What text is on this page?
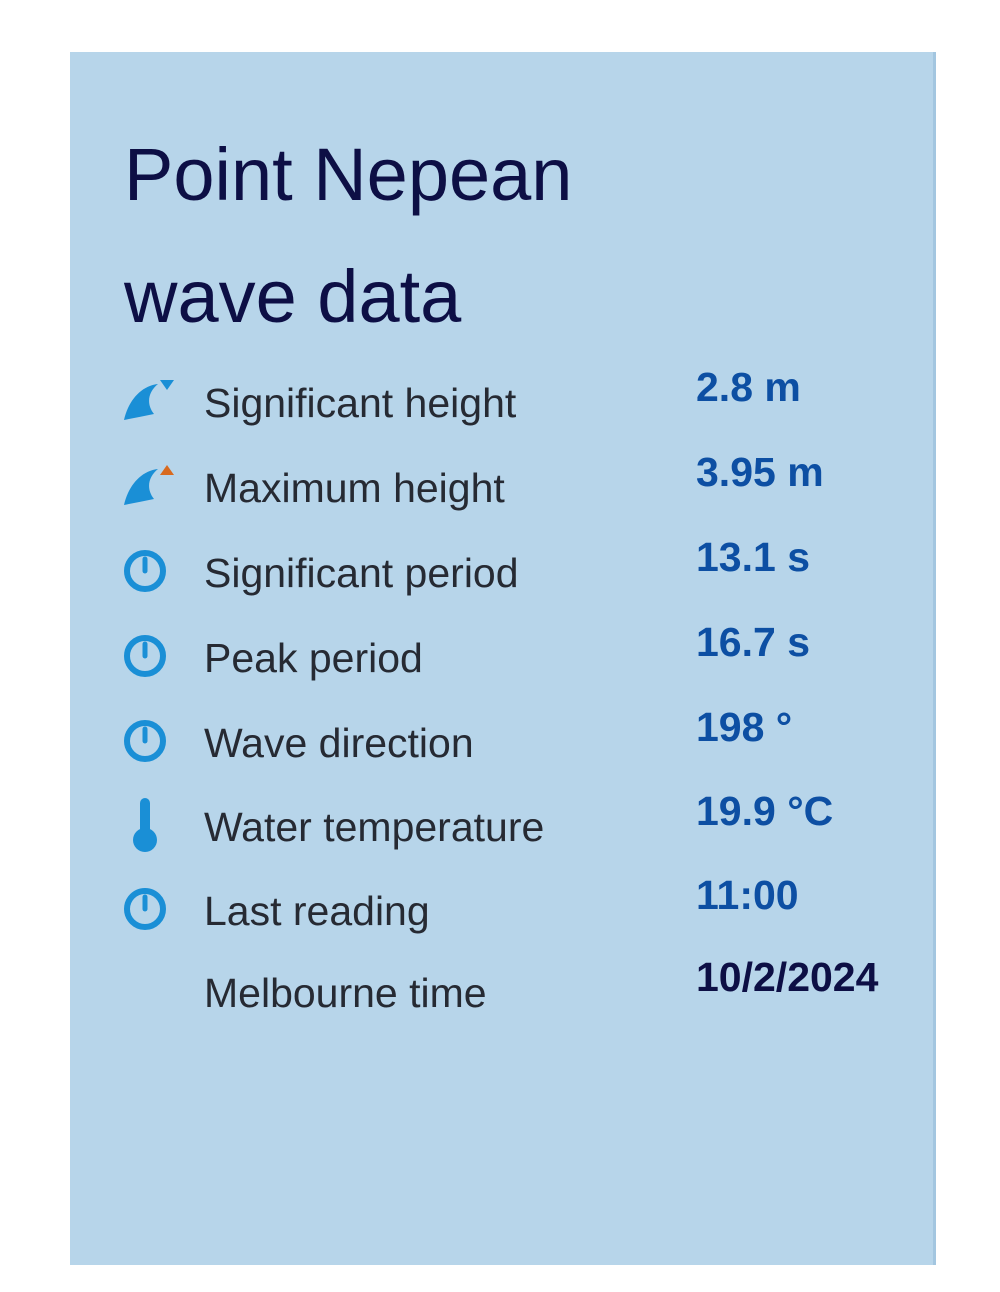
Point Nepean
wave data
Significant height	2.8 m
Maximum height	3.95 m
Significant period	13.1 s
Peak period	16.7 s
Wave direction	198 °
Water temperature	19.9 °C
Last reading	11:00
Melbourne time	10/2/2024
